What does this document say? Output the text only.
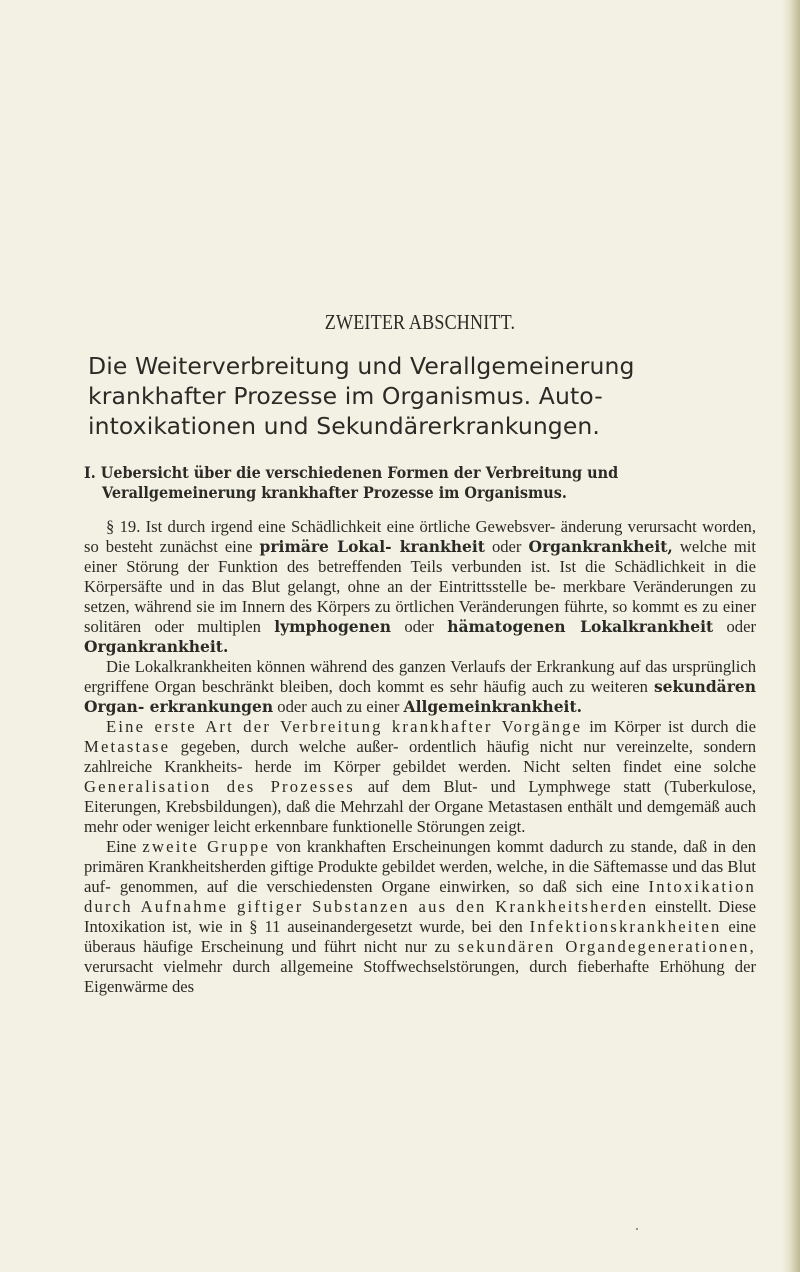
ZWEITER ABSCHNITT.
Die Weiterverbreitung und Verallgemeinerung krankhafter Prozesse im Organismus. Auto- intoxikationen und Sekundärerkrankungen.
I. Uebersicht über die verschiedenen Formen der Verbreitung und
Verallgemeinerung krankhafter Prozesse im Organismus.

§ 19. Ist durch irgend eine Schädlichkeit eine örtliche Gewebsver- änderung verursacht worden, so besteht zunächst eine primäre Lokal- krankheit oder Organkrankheit, welche mit einer Störung der Funktion des betreffenden Teils verbunden ist. Ist die Schädlichkeit in die Körpersäfte und in das Blut gelangt, ohne an der Eintrittsstelle be- merkbare Veränderungen zu setzen, während sie im Innern des Körpers zu örtlichen Veränderungen führte, so kommt es zu einer solitären oder multiplen lymphogenen oder hämatogenen Lokalkrankheit oder Organkrankheit.

Die Lokalkrankheiten können während des ganzen Verlaufs der Erkrankung auf das ursprünglich ergriffene Organ beschränkt bleiben, doch kommt es sehr häufig auch zu weiteren sekundären Organ- erkrankungen oder auch zu einer Allgemeinkrankheit.

Eine erste Art der Verbreitung krankhafter Vorgänge im Körper ist durch die Metastase gegeben, durch welche außer- ordentlich häufig nicht nur vereinzelte, sondern zahlreiche Krankheits- herde im Körper gebildet werden. Nicht selten findet eine solche Generalisation des Prozesses auf dem Blut- und Lymphwege statt (Tuberkulose, Eiterungen, Krebsbildungen), daß die Mehrzahl der Organe Metastasen enthält und demgemäß auch mehr oder weniger leicht erkennbare funktionelle Störungen zeigt.

Eine zweite Gruppe von krankhaften Erscheinungen kommt dadurch zu stande, daß in den primären Krankheitsherden giftige Produkte gebildet werden, welche, in die Säftemasse und das Blut auf- genommen, auf die verschiedensten Organe einwirken, so daß sich eine Intoxikation durch Aufnahme giftiger Substanzen aus den Krankheitsherden einstellt. Diese Intoxikation ist, wie in § 11 auseinandergesetzt wurde, bei den Infektionskrankheiten eine überaus häufige Erscheinung und führt nicht nur zu sekundären Organdegenerationen, verursacht vielmehr durch allgemeine Stoffwechselstörungen, durch fieberhafte Erhöhung der Eigenwärme des
